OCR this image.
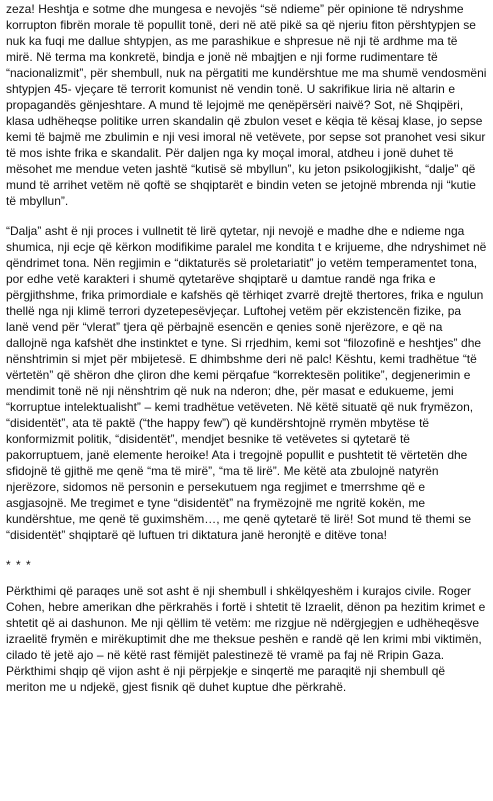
zeza! Heshtja e sotme dhe mungesa e nevojës “së ndieme” për opinione të ndryshme korrupton fibrën morale të popullit tonë, deri në atë pikë sa që njeriu fiton përshtypjen se nuk ka fuqi me dallue shtypjen, as me parashikue e shpresue në nji të ardhme ma të mirë. Në terma ma konkretë, bindja e jonë në mbajtjen e nji forme rudimentare të “nacionalizmit”, për shembull, nuk na përgatiti me kundërshtue me ma shumë vendosmëni shtypjen 45- vjeçare të terrorit komunist në vendin tonë. U sakrifikue liria në altarin e propagandës gënjeshtare. A mund të lejojmë me qenëpërsëri naivë? Sot, në Shqipëri, klasa udhëheqse politike urren skandalin që zbulon veset e këqia të kësaj klase, jo sepse kemi të bajmë me zbulimin e nji vesi imoral në vetëvete, por sepse sot pranohet vesi sikur të mos ishte frika e skandalit. Për daljen nga ky moçal imoral, atdheu i jonë duhet të mësohet me mendue veten jashtë “kutisë së mbyllun”, ku jeton psikologjikisht, “dalje” që mund të arrihet vetëm në qoftë se shqiptarët e bindin veten se jetojnë mbrenda nji “kutie të mbyllun”.

“Dalja” asht ë nji proces i vullnetit të lirë qytetar, nji nevojë e madhe dhe e ndieme nga shumica, nji ecje që kërkon modifikime paralel me kondita t e krijueme, dhe ndryshimet në qëndrimet tona. Nën regjimin e “diktaturës së proletariatit” jo vetëm temperamentet tona, por edhe vetë karakteri i shumë qytetarëve shqiptarë u damtue randë nga frika e përgjithshme, frika primordiale e kafshës që tërhiqet zvarrë drejtë thertores, frika e ngulun thellë nga nji klimë terrori dyzetepesëvjeçar. Luftohej vetëm për ekzistencën fizike, pa lanë vend për “vlerat” tjera që përbajnë esencën e qenies sonë njerëzore, e që na dallojnë nga kafshët dhe instinktet e tyne. Si rrjedhim, kemi sot “filozofinë e heshtjes” dhe nënshtrimin si mjet për mbijetesë. E dhimbshme deri në palc! Kështu, kemi tradhëtue “të vërtetën” që shëron dhe çliron dhe kemi përqafue “korrektesën politike”, degjenerimin e mendimit tonë në nji nënshtrim që nuk na nderon; dhe, për masat e edukueme, jemi “korruptue intelektualisht” – kemi tradhëtue vetëveten. Në këtë situatë që nuk frymëzon, “disidentët”, ata të paktë (“the happy few”) që kundërshtojnë rrymën mbytëse të konformizmit politik, “disidentët”, mendjet besnike të vetëvetes si qytetarë të pakorruptuem, janë elemente heroike! Ata i tregojnë popullit e pushtetit të vërtetën dhe sfidojnë të gjithë me qenë “ma të mirë”, “ma të lirë”. Me këtë ata zbulojnë natyrën njerëzore, sidomos në personin e persekutuem nga regjimet e tmerrshme që e asgjasojnë. Me tregimet e tyne “disidentët” na frymëzojnë me ngritë kokën, me kundërshtue, me qenë të guximshëm…, me qenë qytetarë të lirë! Sot mund të themi se “disidentët” shqiptarë që luftuen tri diktatura janë heronjtë e ditëve tona!

* * *

Përkthimi që paraqes unë sot asht ë nji shembull i shkëlqyeshëm i kurajos civile. Roger Cohen, hebre amerikan dhe përkrahës i fortë i shtetit të Izraelit, dënon pa hezitim krimet e shtetit që ai dashunon. Me nji qëllim të vetëm: me rizgjue në ndërgjegjen e udhëheqësve izraelitë frymën e mirëkuptimit dhe me theksue peshën e randë që len krimi mbi viktimën, cilado të jetë ajo – në këtë rast fëmijët palestinezë të vramë pa faj në Rripin Gaza. Përkthimi shqip që vijon asht ë nji përpjekje e sinqertë me paraqitë nji shembull që meriton me u ndjekë, gjest fisnik që duhet kuptue dhe përkrahë.
